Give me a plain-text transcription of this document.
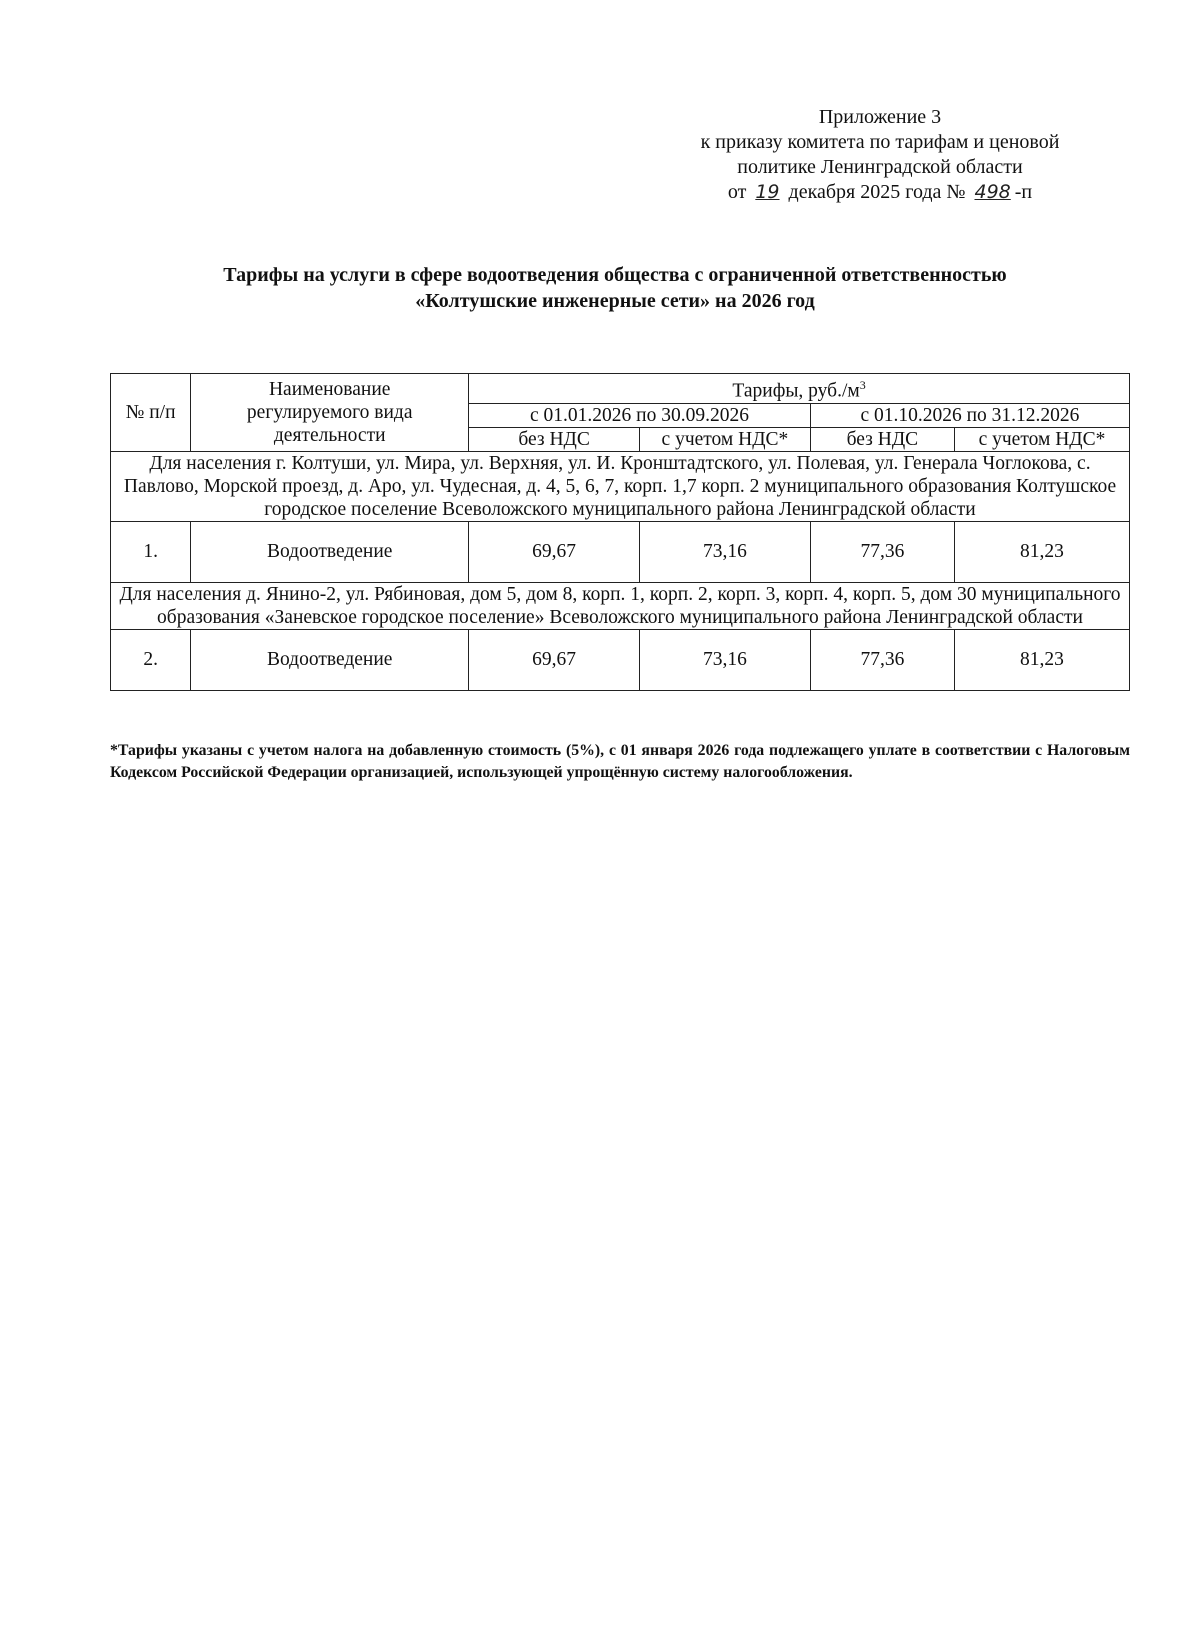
Приложение 3
к приказу комитета по тарифам и ценовой
политике Ленинградской области
от 19 декабря 2025 года № 498 -п
Тарифы на услуги в сфере водоотведения общества с ограниченной ответственностью
«Колтушские инженерные сети» на 2026 год
№ п/п	Наименование регулируемого вида деятельности	Тарифы, $руб./м^3$
		с 01.01.2026 по 30.09.2026		с 01.10.2026 по 31.12.2026	
		без НДС	с учетом НДС*	без НДС	с учетом НДС*
Для населения г. Колтуши, ул. Мира, ул. Верхняя, ул. И. Кронштадтского, ул. Полевая, ул. Генерала Чоглокова, с. Павлово, Морской проезд, д. Аро, ул. Чудесная, д. 4, 5, 6, 7, корп. 1,7 корп. 2 муниципального образования Колтушское городское поселение Всеволожского муниципального района Ленинградской области					
1.	Водоотведение	69,67	73,16	77,36	81,23
Для населения д. Янино-2, ул. Рябиновая, дом 5, дом 8, корп. 1, корп. 2, корп. 3, корп. 4, корп. 5, дом 30 муниципального образования «Заневское городское поселение» Всеволожского муниципального района Ленинградской области					
2.	Водоотведение	69,67	73,16	77,36	81,23
*Тарифы указаны с учетом налога на добавленную стоимость (5%), с 01 января 2026 года подлежащего уплате в соответствии с Налоговым Кодексом Российской Федерации организацией, использующей упрощённую систему налогообложения.
